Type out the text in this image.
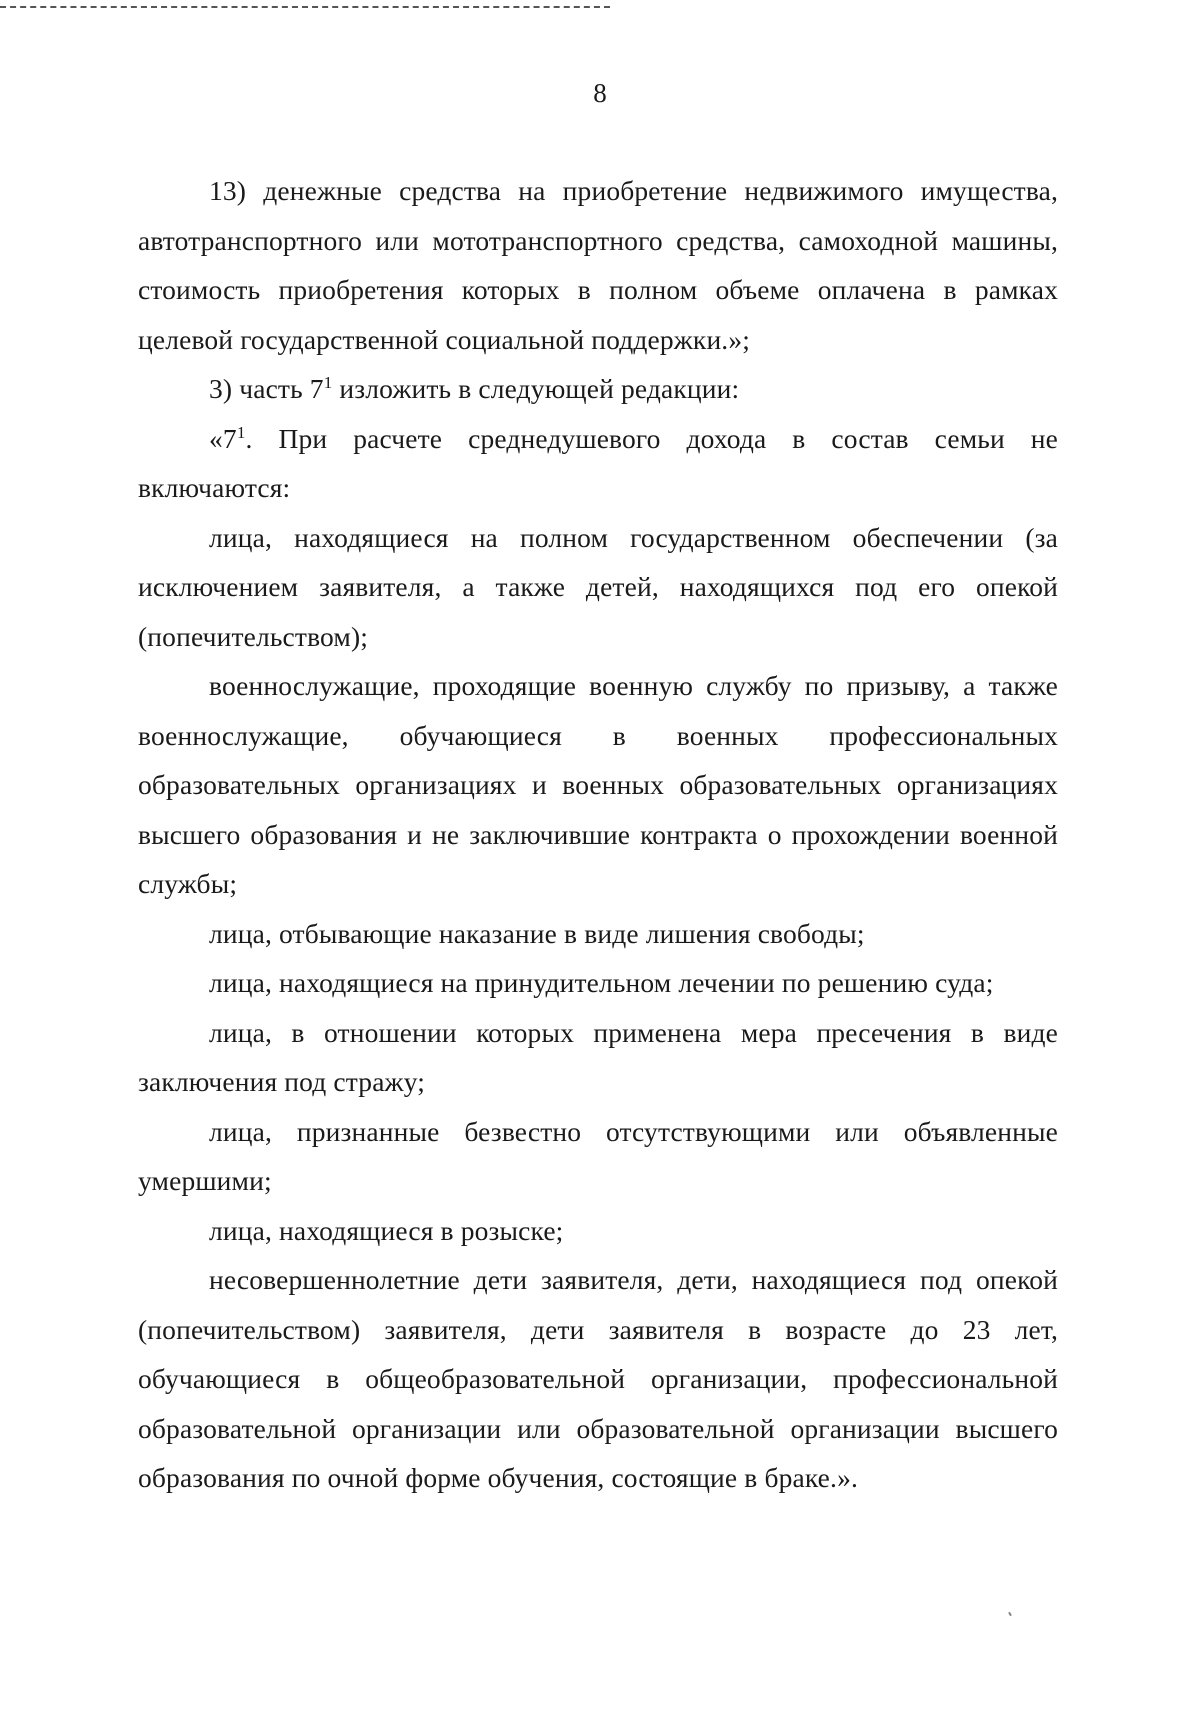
8

13) денежные средства на приобретение недвижимого имущества, автотранспортного или мототранспортного средства, самоходной машины, стоимость приобретения которых в полном объеме оплачена в рамках целевой государственной социальной поддержки.»;

3) часть $7^1$ изложить в следующей редакции:

«$7^1$. При расчете среднедушевого дохода в состав семьи не включаются:

лица, находящиеся на полном государственном обеспечении (за исключением заявителя, а также детей, находящихся под его опекой (попечительством);

военнослужащие, проходящие военную службу по призыву, а также военнослужащие, обучающиеся в военных профессиональных образовательных организациях и военных образовательных организациях высшего образования и не заключившие контракта о прохождении военной службы;

лица, отбывающие наказание в виде лишения свободы;

лица, находящиеся на принудительном лечении по решению суда;

лица, в отношении которых применена мера пресечения в виде заключения под стражу;

лица, признанные безвестно отсутствующими или объявленные умершими;

лица, находящиеся в розыске;

несовершеннолетние дети заявителя, дети, находящиеся под опекой (попечительством) заявителя, дети заявителя в возрасте до 23 лет, обучающиеся в общеобразовательной организации, профессиональной образовательной организации или образовательной организации высшего образования по очной форме обучения, состоящие в браке.».
